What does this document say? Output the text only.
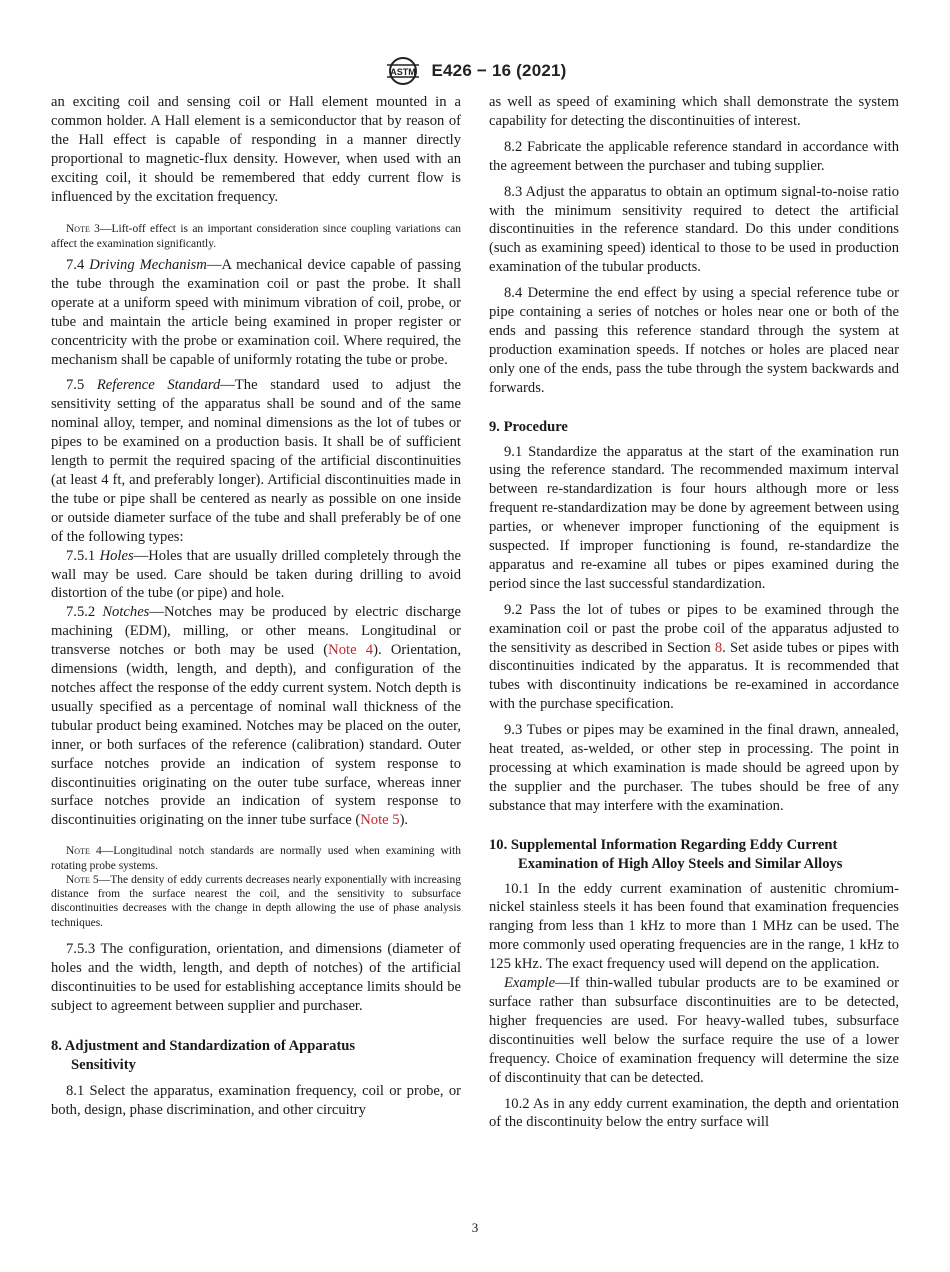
ASTM E426 − 16 (2021)

an exciting coil and sensing coil or Hall element mounted in a common holder. A Hall element is a semiconductor that by reason of the Hall effect is capable of responding in a manner directly proportional to magnetic-flux density. However, when used with an exciting coil, it should be remembered that eddy current flow is influenced by the excitation frequency.

Note 3—Lift-off effect is an important consideration since coupling variations can affect the examination significantly.

7.4 Driving Mechanism—A mechanical device capable of passing the tube through the examination coil or past the probe. It shall operate at a uniform speed with minimum vibration of coil, probe, or tube and maintain the article being examined in proper register or concentricity with the probe or examination coil. Where required, the mechanism shall be capable of uniformly rotating the tube or probe.

7.5 Reference Standard—The standard used to adjust the sensitivity setting of the apparatus shall be sound and of the same nominal alloy, temper, and nominal dimensions as the lot of tubes or pipes to be examined on a production basis. It shall be of sufficient length to permit the required spacing of the artificial discontinuities (at least 4 ft, and preferably longer). Artificial discontinuities made in the tube or pipe shall be centered as nearly as possible on one inside or outside diameter surface of the tube and shall preferably be of one of the following types:

7.5.1 Holes—Holes that are usually drilled completely through the wall may be used. Care should be taken during drilling to avoid distortion of the tube (or pipe) and hole.

7.5.2 Notches—Notches may be produced by electric discharge machining (EDM), milling, or other means. Longitudinal or transverse notches or both may be used (Note 4). Orientation, dimensions (width, length, and depth), and configuration of the notches affect the response of the eddy current system. Notch depth is usually specified as a percentage of nominal wall thickness of the tubular product being examined. Notches may be placed on the outer, inner, or both surfaces of the reference (calibration) standard. Outer surface notches provide an indication of system response to discontinuities originating on the outer tube surface, whereas inner surface notches provide an indication of system response to discontinuities originating on the inner tube surface (Note 5).

Note 4—Longitudinal notch standards are normally used when examining with rotating probe systems.

Note 5—The density of eddy currents decreases nearly exponentially with increasing distance from the surface nearest the coil, and the sensitivity to subsurface discontinuities decreases with the change in depth allowing the use of phase analysis techniques.

7.5.3 The configuration, orientation, and dimensions (diameter of holes and the width, length, and depth of notches) of the artificial discontinuities to be used for establishing acceptance limits should be subject to agreement between supplier and purchaser.

8. Adjustment and Standardization of Apparatus
Sensitivity

8.1 Select the apparatus, examination frequency, coil or probe, or both, design, phase discrimination, and other circuitry

as well as speed of examining which shall demonstrate the system capability for detecting the discontinuities of interest.

8.2 Fabricate the applicable reference standard in accordance with the agreement between the purchaser and tubing supplier.

8.3 Adjust the apparatus to obtain an optimum signal-to-noise ratio with the minimum sensitivity required to detect the artificial discontinuities in the reference standard. Do this under conditions (such as examining speed) identical to those to be used in production examination of the tubular products.

8.4 Determine the end effect by using a special reference tube or pipe containing a series of notches or holes near one or both of the ends and passing this reference standard through the system at production examination speeds. If notches or holes are placed near only one of the ends, pass the tube through the system backwards and forwards.

9. Procedure

9.1 Standardize the apparatus at the start of the examination run using the reference standard. The recommended maximum interval between re-standardization is four hours although more or less frequent re-standardization may be done by agreement between using parties, or whenever improper functioning of the equipment is suspected. If improper functioning is found, re-standardize the apparatus and re-examine all tubes or pipes examined during the period since the last successful standardization.

9.2 Pass the lot of tubes or pipes to be examined through the examination coil or past the probe coil of the apparatus adjusted to the sensitivity as described in Section 8. Set aside tubes or pipes with discontinuities indicated by the apparatus. It is recommended that tubes with discontinuity indications be re-examined in accordance with the purchase specification.

9.3 Tubes or pipes may be examined in the final drawn, annealed, heat treated, as-welded, or other step in processing. The point in processing at which examination is made should be agreed upon by the supplier and the purchaser. The tubes should be free of any substance that may interfere with the examination.

10. Supplemental Information Regarding Eddy Current
Examination of High Alloy Steels and Similar Alloys

10.1 In the eddy current examination of austenitic chromium-nickel stainless steels it has been found that examination frequencies ranging from less than 1 kHz to more than 1 MHz can be used. The more commonly used operating frequencies are in the range, 1 kHz to 125 kHz. The exact frequency used will depend on the application.

Example—If thin-walled tubular products are to be examined or surface rather than subsurface discontinuities are to be detected, higher frequencies are used. For heavy-walled tubes, subsurface discontinuities well below the surface require the use of a lower frequency. Choice of examination frequency will determine the size of discontinuity that can be detected.

10.2 As in any eddy current examination, the depth and orientation of the discontinuity below the entry surface will

3
